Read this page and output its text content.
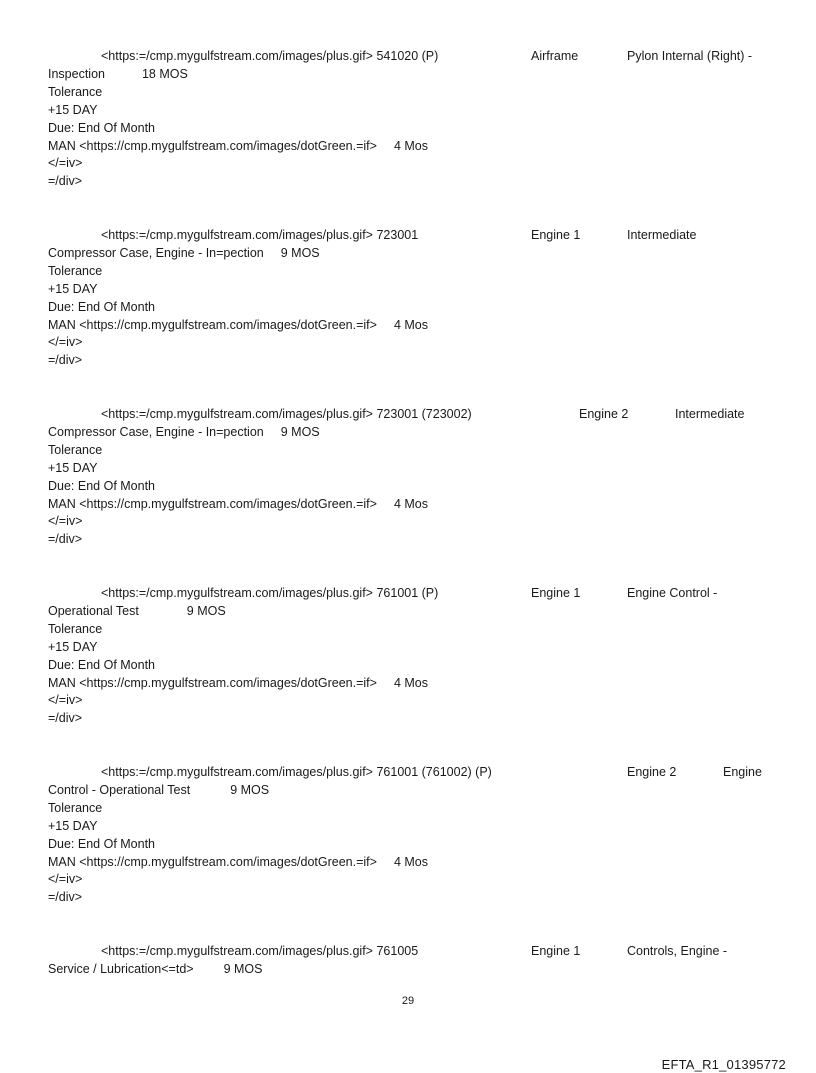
<https:=/cmp.mygulfstream.com/images/plus.gif> 541020 (P)	Airframe	Pylon Internal (Right) -
Inspection	18 MOS
Tolerance
+15 DAY
Due: End Of Month
MAN <https://cmp.mygulfstream.com/images/dotGreen.=if> 4 Mos
</=iv>
=/div>
<https:=/cmp.mygulfstream.com/images/plus.gif> 723001	Engine 1	Intermediate
Compressor Case, Engine - In=pection 9 MOS
Tolerance
+15 DAY
Due: End Of Month
MAN <https://cmp.mygulfstream.com/images/dotGreen.=if> 4 Mos
</=iv>
=/div>
<https:=/cmp.mygulfstream.com/images/plus.gif> 723001 (723002)	Engine 2	Intermediate
Compressor Case, Engine - In=pection 9 MOS
Tolerance
+15 DAY
Due: End Of Month
MAN <https://cmp.mygulfstream.com/images/dotGreen.=if> 4 Mos
</=iv>
=/div>
<https:=/cmp.mygulfstream.com/images/plus.gif> 761001 (P)	Engine 1	Engine Control -
Operational Test	9 MOS
Tolerance
+15 DAY
Due: End Of Month
MAN <https://cmp.mygulfstream.com/images/dotGreen.=if> 4 Mos
</=iv>
=/div>
<https:=/cmp.mygulfstream.com/images/plus.gif> 761001 (761002) (P)	Engine 2	Engine
Control - Operational Test	9 MOS
Tolerance
+15 DAY
Due: End Of Month
MAN <https://cmp.mygulfstream.com/images/dotGreen.=if> 4 Mos
</=iv>
=/div>
<https:=/cmp.mygulfstream.com/images/plus.gif> 761005	Engine 1	Controls, Engine -
Service / Lubrication<=td> 9 MOS
29
EFTA_R1_01395772
